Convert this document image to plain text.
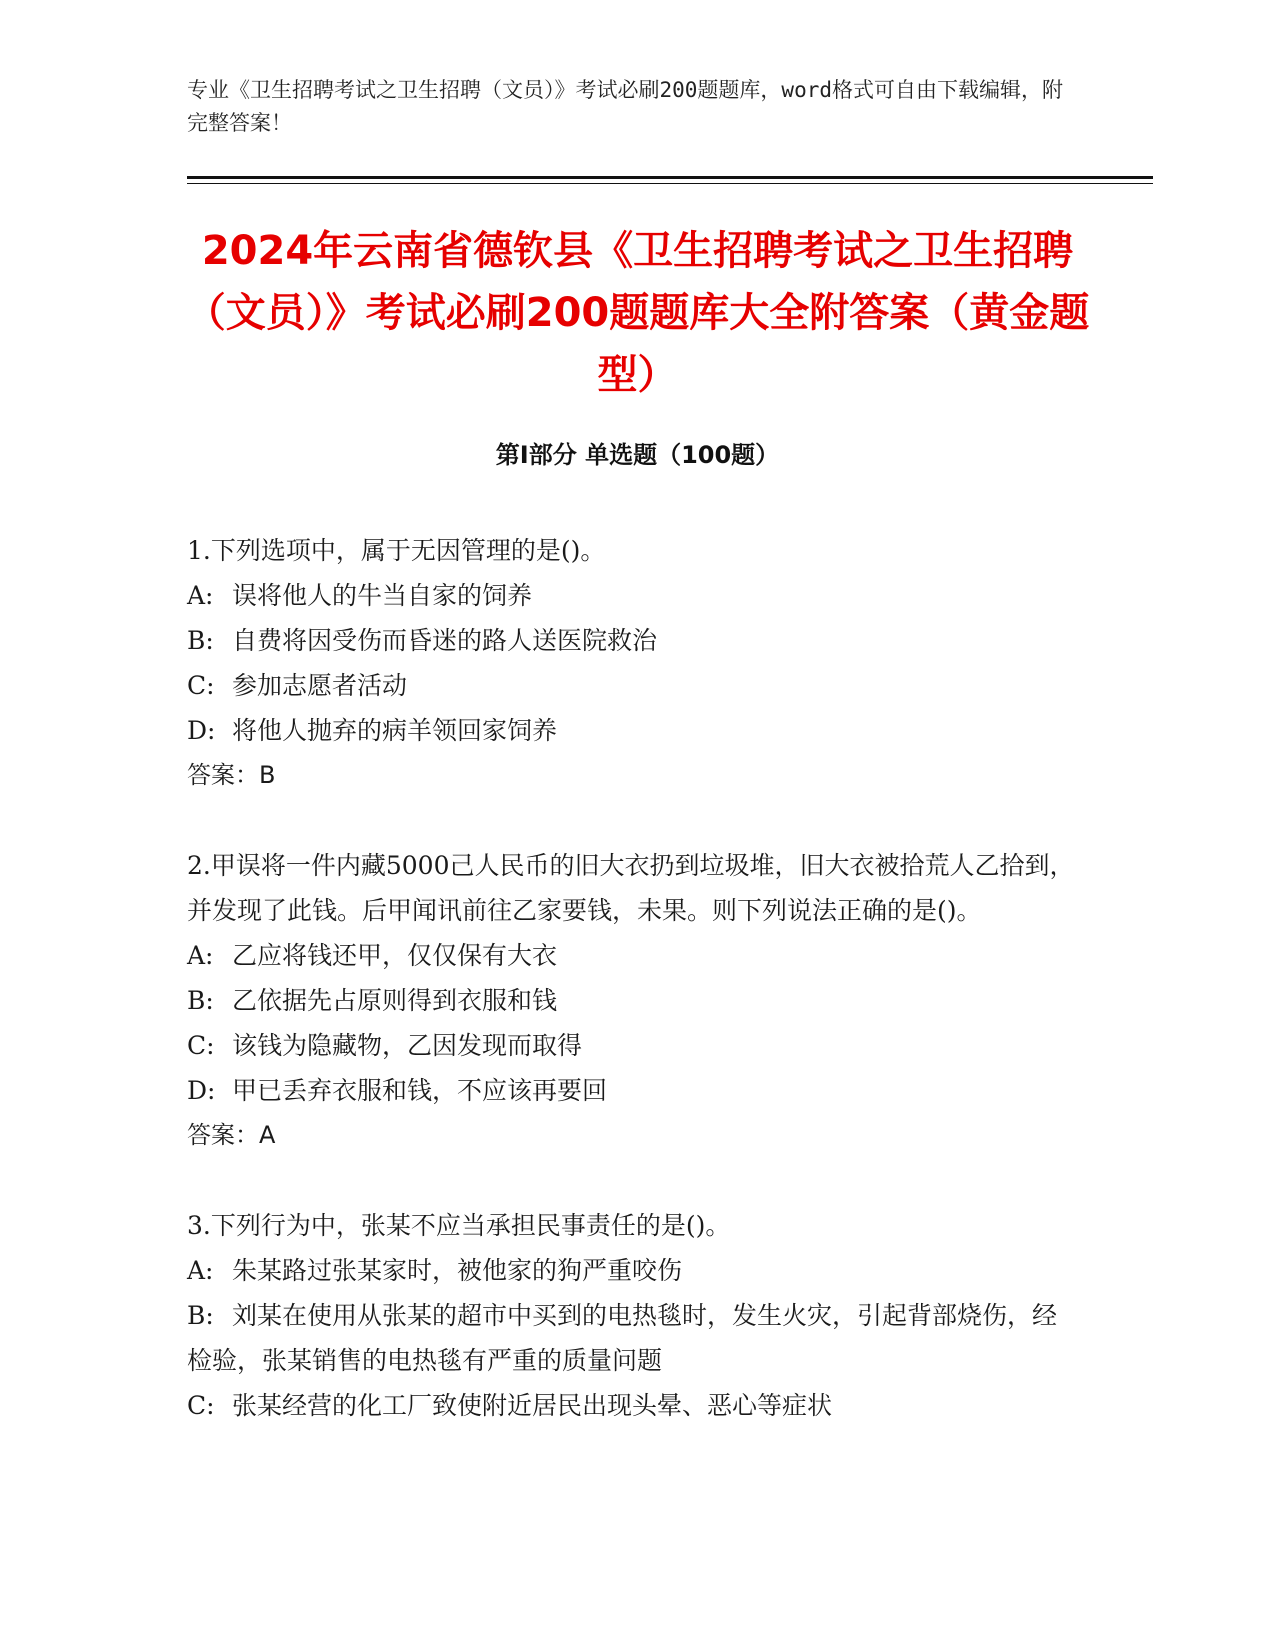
专业《卫生招聘考试之卫生招聘（文员）》考试必刷200题题库，word格式可自由下载编辑，附完整答案！
2024年云南省德钦县《卫生招聘考试之卫生招聘（文员）》考试必刷200题题库大全附答案（黄金题型）
第I部分 单选题（100题）

1.下列选项中，属于无因管理的是()。

A: 误将他人的牛当自家的饲养

B: 自费将因受伤而昏迷的路人送医院救治

C: 参加志愿者活动

D: 将他人抛弃的病羊领回家饲养

答案：B

2.甲误将一件内藏5000己人民币的旧大衣扔到垃圾堆，旧大衣被拾荒人乙拾到，并发现了此钱。后甲闻讯前往乙家要钱，未果。则下列说法正确的是()。

A: 乙应将钱还甲，仅仅保有大衣

B: 乙依据先占原则得到衣服和钱

C: 该钱为隐藏物，乙因发现而取得

D: 甲已丢弃衣服和钱，不应该再要回

答案：A

3.下列行为中，张某不应当承担民事责任的是()。

A: 朱某路过张某家时，被他家的狗严重咬伤

B: 刘某在使用从张某的超市中买到的电热毯时，发生火灾，引起背部烧伤，经检验，张某销售的电热毯有严重的质量问题

C: 张某经营的化工厂致使附近居民出现头晕、恶心等症状
